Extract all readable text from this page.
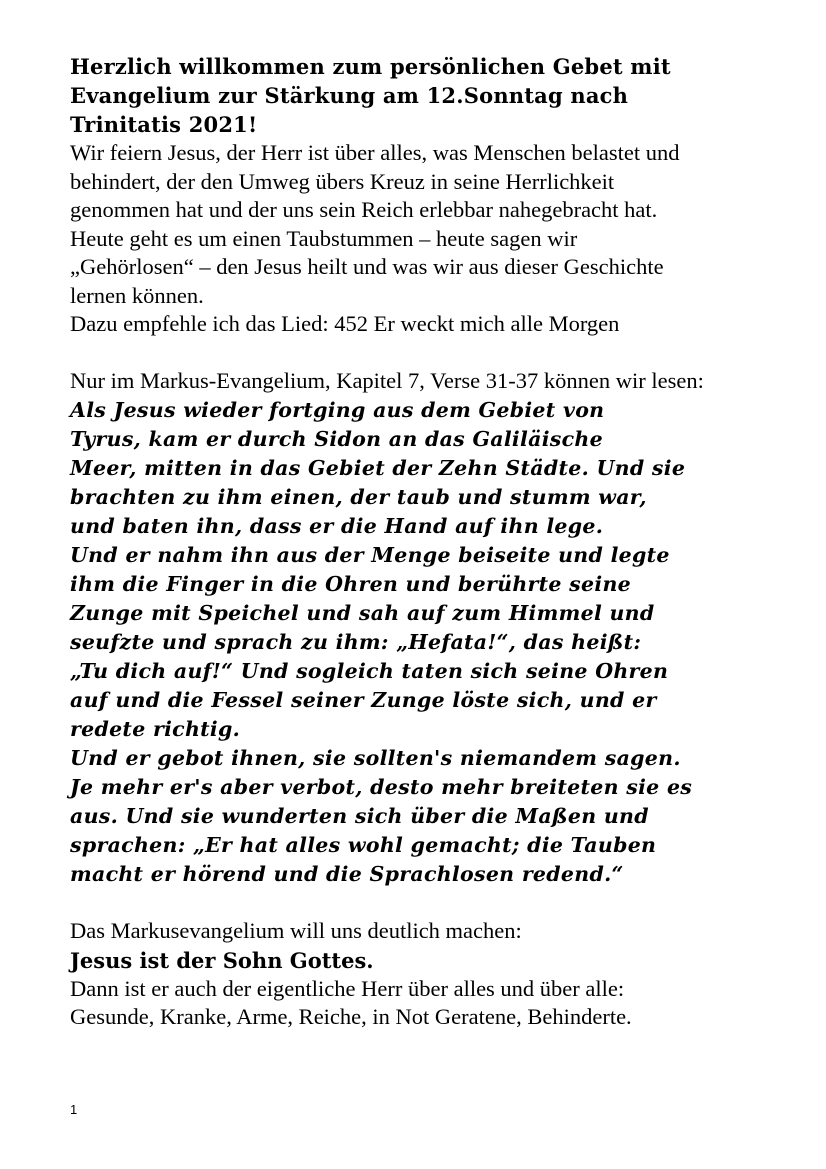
Herzlich willkommen zum persönlichen Gebet mit

Evangelium zur Stärkung am 12.Sonntag nach

Trinitatis 2021!

Wir feiern Jesus, der Herr ist über alles, was Menschen belastet und

behindert, der den Umweg übers Kreuz in seine Herrlichkeit

genommen hat und der uns sein Reich erlebbar nahegebracht hat.

Heute geht es um einen Taubstummen – heute sagen wir

„Gehörlosen“ – den Jesus heilt und was wir aus dieser Geschichte

lernen können.

Dazu empfehle ich das Lied: 452 Er weckt mich alle Morgen

Nur im Markus-Evangelium, Kapitel 7, Verse 31-37 können wir lesen:

Als Jesus wieder fortging aus dem Gebiet von

Tyrus, kam er durch Sidon an das Galiläische

Meer, mitten in das Gebiet der Zehn Städte. Und sie

brachten zu ihm einen, der taub und stumm war,

und baten ihn, dass er die Hand auf ihn lege.

Und er nahm ihn aus der Menge beiseite und legte

ihm die Finger in die Ohren und berührte seine

Zunge mit Speichel und sah auf zum Himmel und

seufzte und sprach zu ihm: „Hefata!“, das heißt:

„Tu dich auf!“ Und sogleich taten sich seine Ohren

auf und die Fessel seiner Zunge löste sich, und er

redete richtig.

Und er gebot ihnen, sie sollten's niemandem sagen.

Je mehr er's aber verbot, desto mehr breiteten sie es

aus. Und sie wunderten sich über die Maßen und

sprachen: „Er hat alles wohl gemacht; die Tauben

macht er hörend und die Sprachlosen redend.“

Das Markusevangelium will uns deutlich machen:

Jesus ist der Sohn Gottes.

Dann ist er auch der eigentliche Herr über alles und über alle:

Gesunde, Kranke, Arme, Reiche, in Not Geratene, Behinderte.

1
